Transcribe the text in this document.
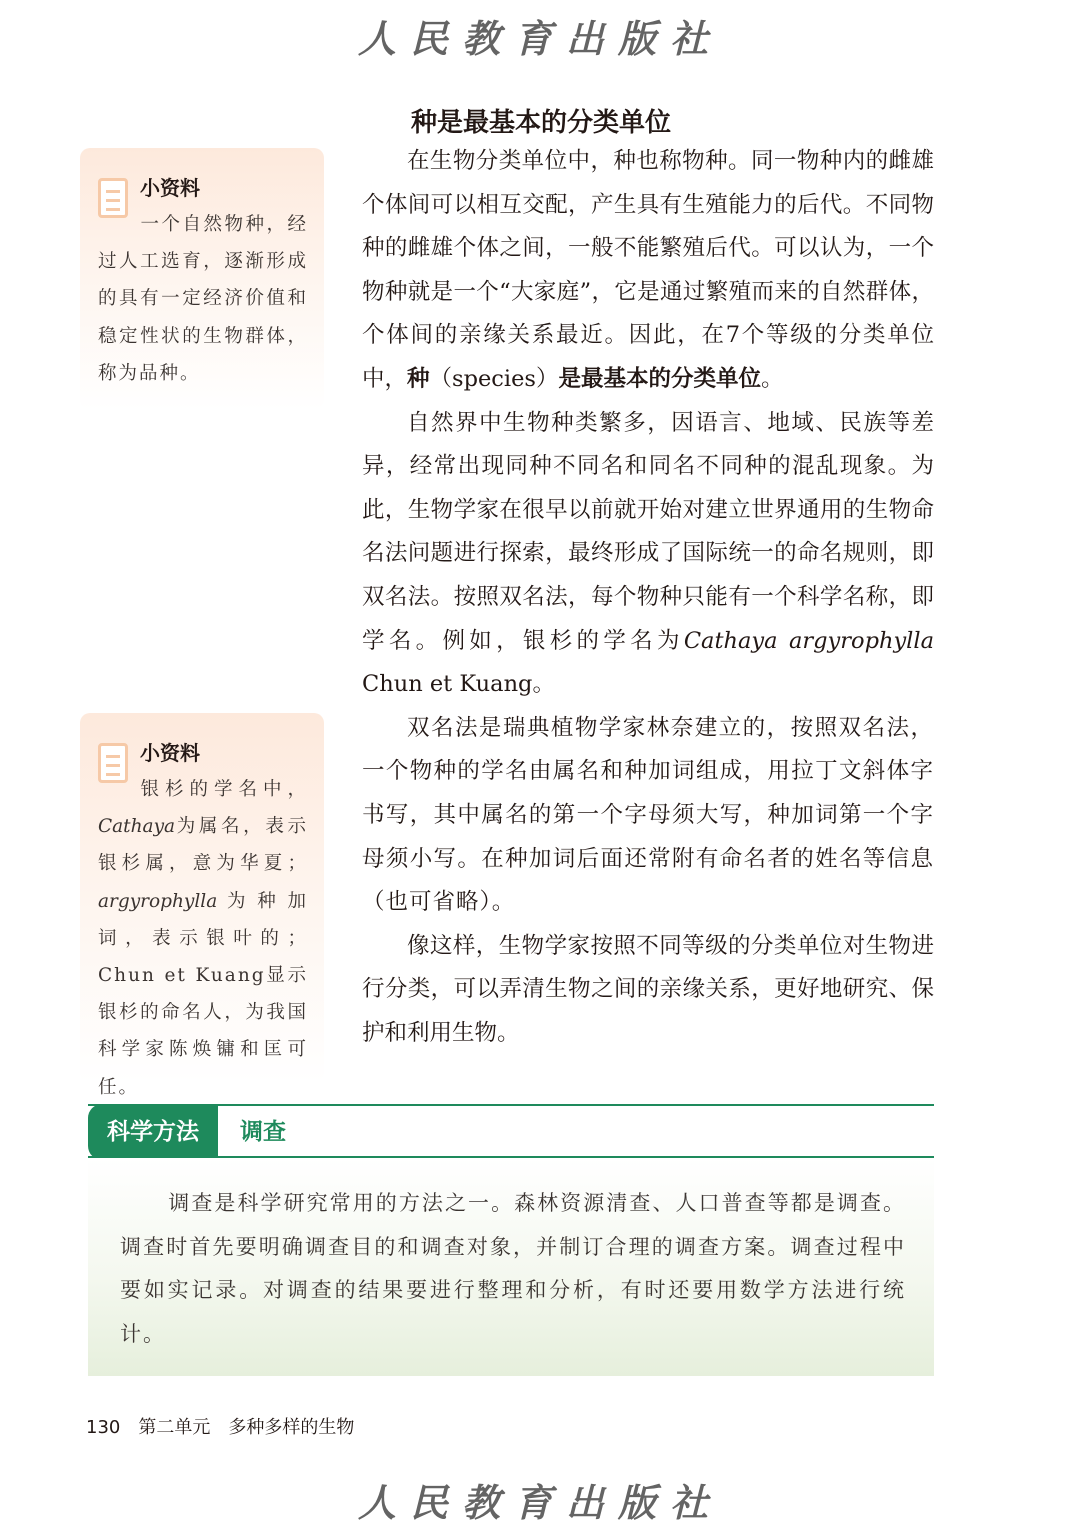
人民教育出版社
种是最基本的分类单位
小资料
一个自然物种，经过人工选育，逐渐形成的具有一定经济价值和稳定性状的生物群体，称为品种。
小资料
银杉的学名中，Cathaya为属名，表示银杉属，意为华夏；argyrophylla为种加词，表示银叶的；Chun et Kuang显示银杉的命名人，为我国科学家陈焕镛和匡可任。

在生物分类单位中，种也称物种。同一物种内的雌雄个体间可以相互交配，产生具有生殖能力的后代。不同物种的雌雄个体之间，一般不能繁殖后代。可以认为，一个物种就是一个“大家庭”，它是通过繁殖而来的自然群体，个体间的亲缘关系最近。因此，在7个等级的分类单位中，种（species）是最基本的分类单位。

自然界中生物种类繁多，因语言、地域、民族等差异，经常出现同种不同名和同名不同种的混乱现象。为此，生物学家在很早以前就开始对建立世界通用的生物命名法问题进行探索，最终形成了国际统一的命名规则，即双名法。按照双名法，每个物种只能有一个科学名称，即学名。例如，银杉的学名为Cathaya argyrophylla Chun et Kuang。

双名法是瑞典植物学家林奈建立的，按照双名法，一个物种的学名由属名和种加词组成，用拉丁文斜体字书写，其中属名的第一个字母须大写，种加词第一个字母须小写。在种加词后面还常附有命名者的姓名等信息（也可省略）。

像这样，生物学家按照不同等级的分类单位对生物进行分类，可以弄清生物之间的亲缘关系，更好地研究、保护和利用生物。

科学方法	调查
调查是科学研究常用的方法之一。森林资源清查、人口普查等都是调查。调查时首先要明确调查目的和调查对象，并制订合理的调查方案。调查过程中要如实记录。对调查的结果要进行整理和分析，有时还要用数学方法进行统计。
130 第二单元 多种多样的生物
人民教育出版社
